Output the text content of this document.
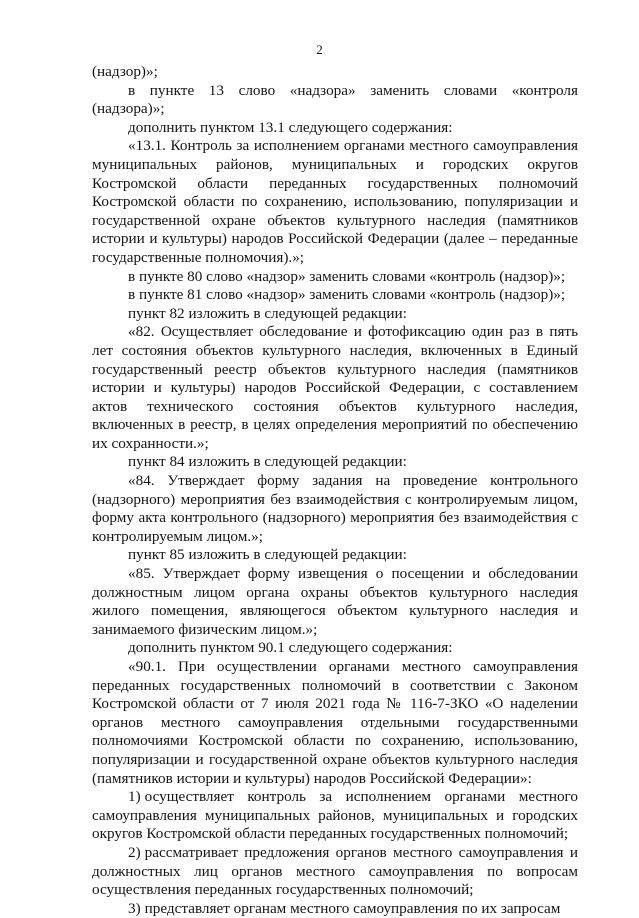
2

(надзор)»;

в пункте 13 слово «надзора» заменить словами «контроля (надзора)»;

дополнить пунктом 13.1 следующего содержания:

«13.1. Контроль за исполнением органами местного самоуправления муниципальных районов, муниципальных и городских округов Костромской области переданных государственных полномочий Костромской области по сохранению, использованию, популяризации и государственной охране объектов культурного наследия (памятников истории и культуры) народов Российской Федерации (далее – переданные государственные полномочия).»;

в пункте 80 слово «надзор» заменить словами «контроль (надзор)»;

в пункте 81 слово «надзор» заменить словами «контроль (надзор)»;

пункт 82 изложить в следующей редакции:

«82. Осуществляет обследование и фотофиксацию один раз в пять лет состояния объектов культурного наследия, включенных в Единый государственный реестр объектов культурного наследия (памятников истории и культуры) народов Российской Федерации, с составлением актов технического состояния объектов культурного наследия, включенных в реестр, в целях определения мероприятий по обеспечению их сохранности.»;

пункт 84 изложить в следующей редакции:

«84. Утверждает форму задания на проведение контрольного (надзорного) мероприятия без взаимодействия с контролируемым лицом, форму акта контрольного (надзорного) мероприятия без взаимодействия с контролируемым лицом.»;

пункт 85 изложить в следующей редакции:

«85. Утверждает форму извещения о посещении и обследовании должностным лицом органа охраны объектов культурного наследия жилого помещения, являющегося объектом культурного наследия и занимаемого физическим лицом.»;

дополнить пунктом 90.1 следующего содержания:

«90.1. При осуществлении органами местного самоуправления переданных государственных полномочий в соответствии с Законом Костромской области от 7 июля 2021 года № 116-7-ЗКО «О наделении органов местного самоуправления отдельными государственными полномочиями Костромской области по сохранению, использованию, популяризации и государственной охране объектов культурного наследия (памятников истории и культуры) народов Российской Федерации»:

1) осуществляет контроль за исполнением органами местного самоуправления муниципальных районов, муниципальных и городских округов Костромской области переданных государственных полномочий;

2) рассматривает предложения органов местного самоуправления и должностных лиц органов местного самоуправления по вопросам осуществления переданных государственных полномочий;

3) представляет органам местного самоуправления по их запросам
